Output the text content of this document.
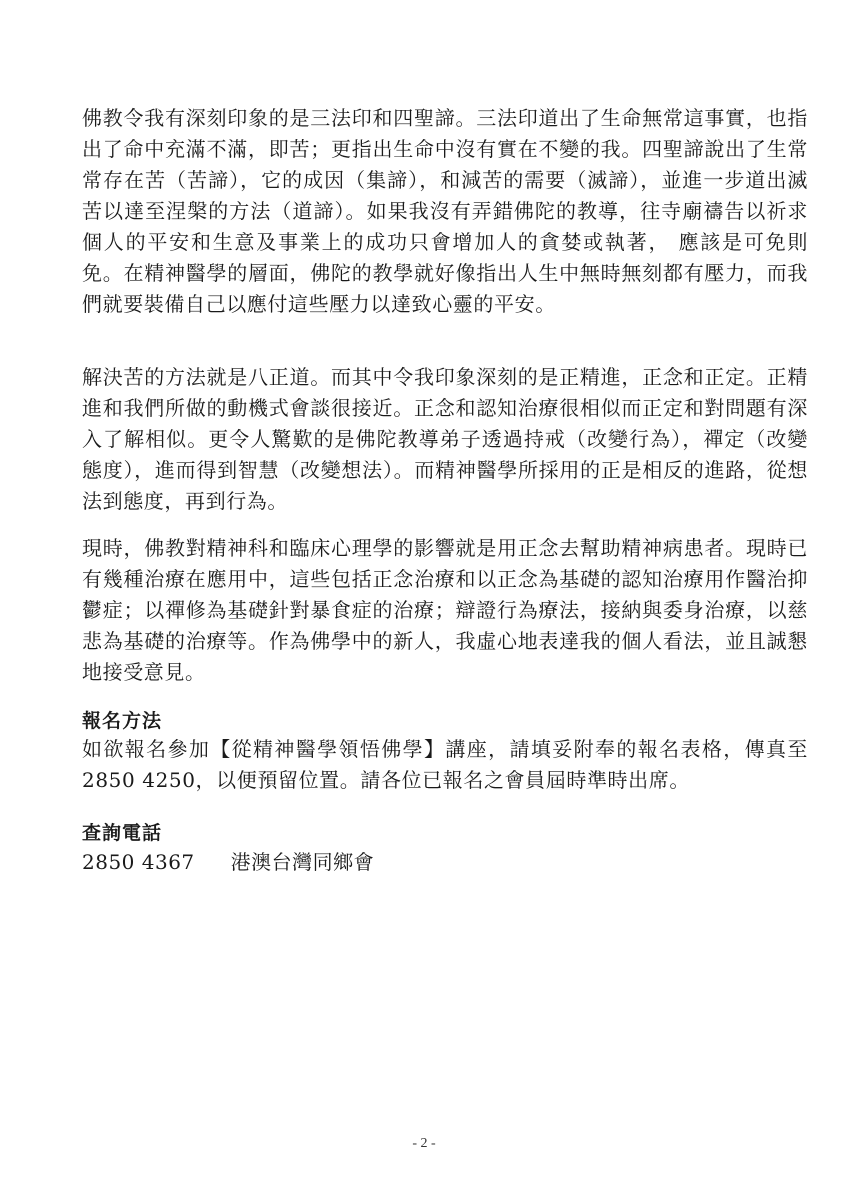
佛教令我有深刻印象的是三法印和四聖諦。三法印道出了生命無常這事實，也指出了命中充滿不滿，即苦；更指出生命中沒有實在不變的我。四聖諦說出了生常常存在苦（苦諦），它的成因（集諦），和減苦的需要（滅諦），並進一步道出滅苦以達至涅槃的方法（道諦）。如果我沒有弄錯佛陀的教導，往寺廟禱告以祈求個人的平安和生意及事業上的成功只會增加人的貪婪或執著， 應該是可免則免。在精神醫學的層面，佛陀的教學就好像指出人生中無時無刻都有壓力，而我們就要裝備自己以應付這些壓力以達致心靈的平安。

解決苦的方法就是八正道。而其中令我印象深刻的是正精進，正念和正定。正精進和我們所做的動機式會談很接近。正念和認知治療很相似而正定和對問題有深入了解相似。更令人驚歎的是佛陀教導弟子透過持戒（改變行為），禪定（改變態度），進而得到智慧（改變想法）。而精神醫學所採用的正是相反的進路，從想法到態度，再到行為。

現時，佛教對精神科和臨床心理學的影響就是用正念去幫助精神病患者。現時已有幾種治療在應用中，這些包括正念治療和以正念為基礎的認知治療用作醫治抑鬱症；以禪修為基礎針對暴食症的治療；辯證行為療法，接納與委身治療，以慈悲為基礎的治療等。作為佛學中的新人，我虛心地表達我的個人看法，並且誠懇地接受意見。

報名方法

如欲報名參加【從精神醫學領悟佛學】講座，請填妥附奉的報名表格，傳真至2850 4250，以便預留位置。請各位已報名之會員屆時準時出席。

查詢電話
2850 4367 港澳台灣同鄉會
- 2 -
